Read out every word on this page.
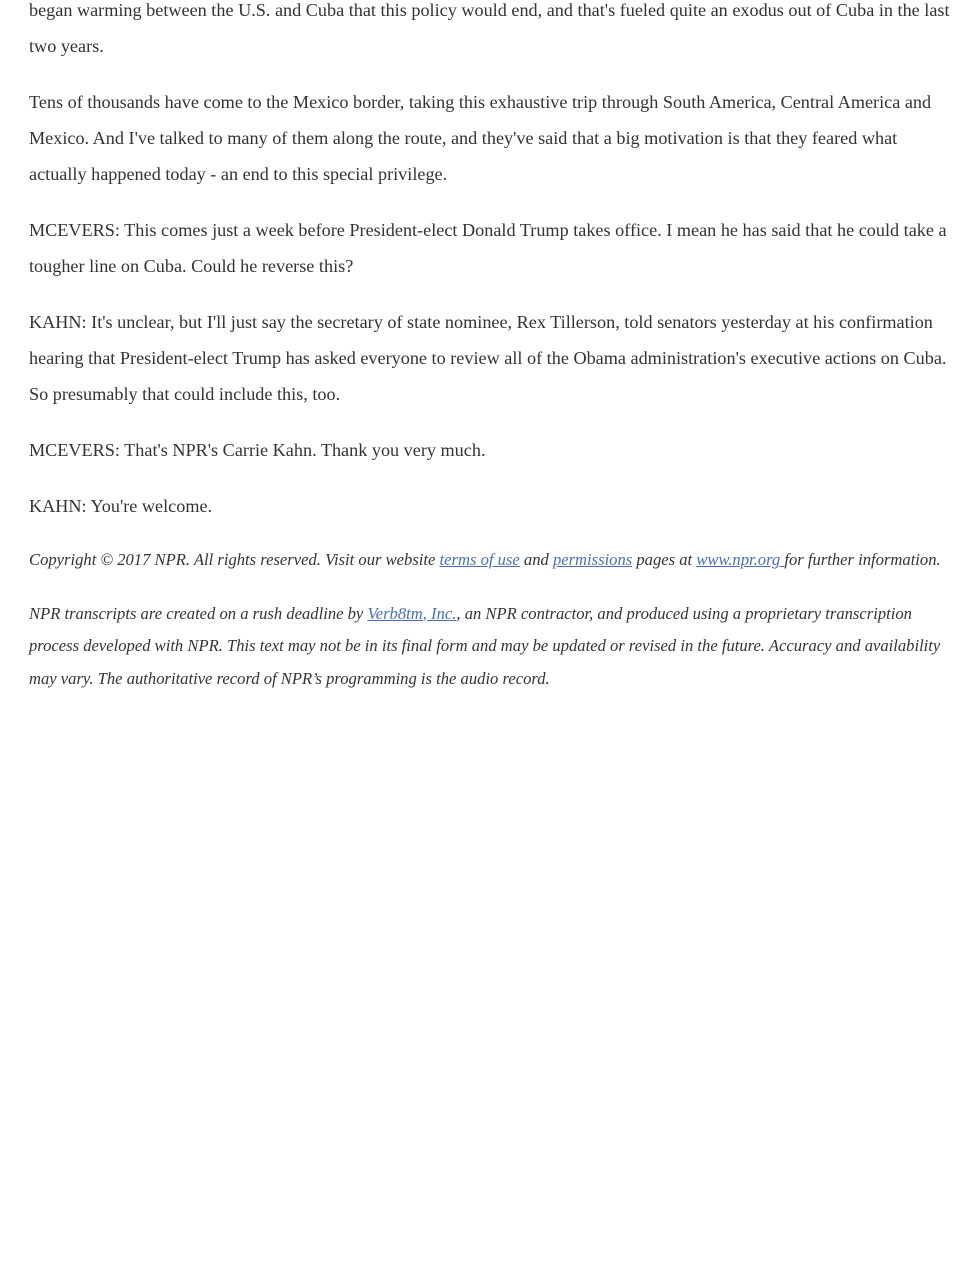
began warming between the U.S. and Cuba that this policy would end, and that's fueled quite an exodus out of Cuba in the last two years.

Tens of thousands have come to the Mexico border, taking this exhaustive trip through South America, Central America and Mexico. And I've talked to many of them along the route, and they've said that a big motivation is that they feared what actually happened today - an end to this special privilege.

MCEVERS: This comes just a week before President-elect Donald Trump takes office. I mean he has said that he could take a tougher line on Cuba. Could he reverse this?

KAHN: It's unclear, but I'll just say the secretary of state nominee, Rex Tillerson, told senators yesterday at his confirmation hearing that President-elect Trump has asked everyone to review all of the Obama administration's executive actions on Cuba. So presumably that could include this, too.

MCEVERS: That's NPR's Carrie Kahn. Thank you very much.

KAHN: You're welcome.

Copyright © 2017 NPR. All rights reserved. Visit our website terms of use and permissions pages at www.npr.org for further information.

NPR transcripts are created on a rush deadline by Verb8tm, Inc., an NPR contractor, and produced using a proprietary transcription process developed with NPR. This text may not be in its final form and may be updated or revised in the future. Accuracy and availability may vary. The authoritative record of NPR’s programming is the audio record.
